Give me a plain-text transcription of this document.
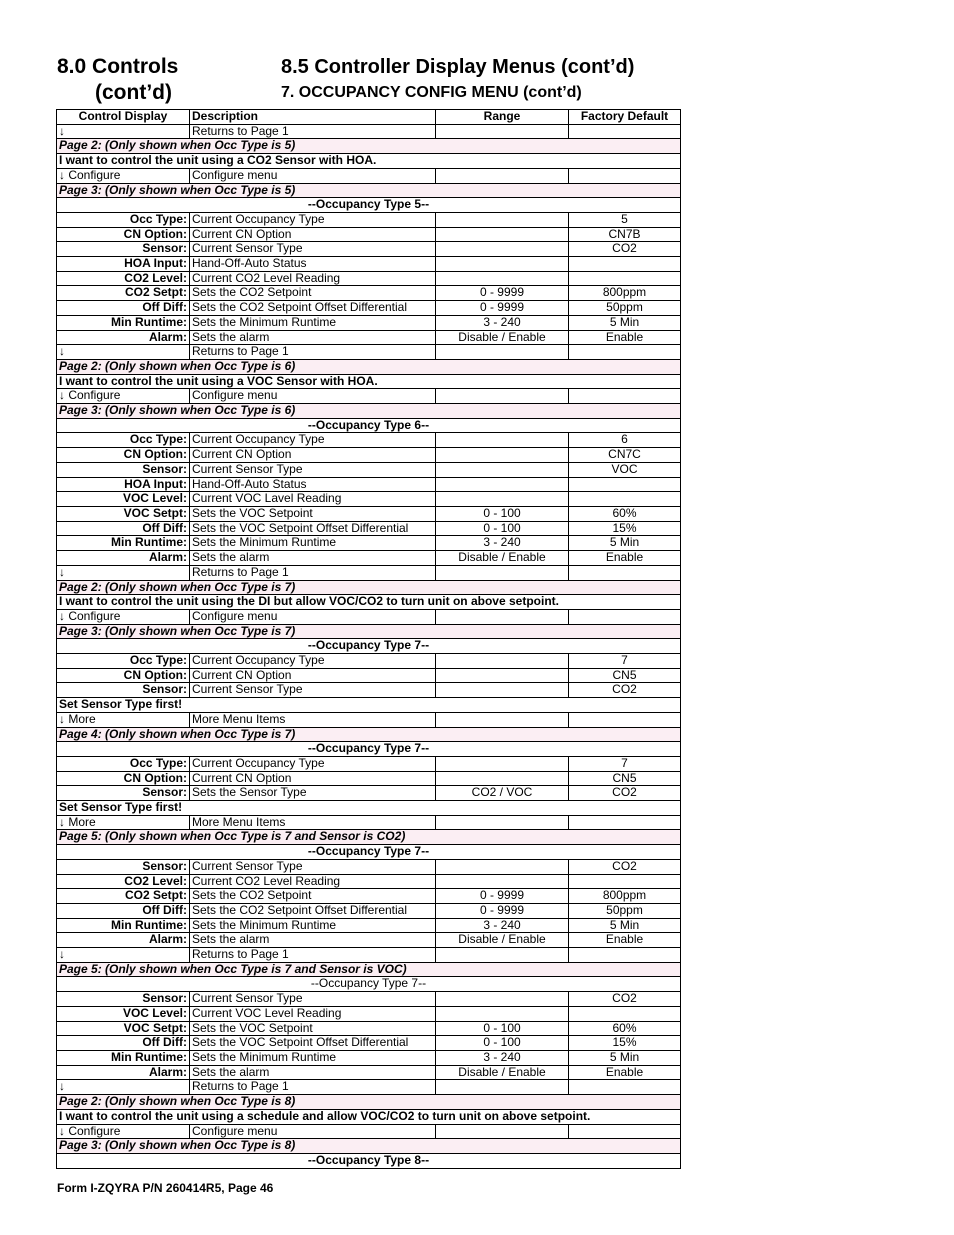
8.0 Controls
(cont’d)
8.5 Controller Display Menus (cont’d)
7. OCCUPANCY CONFIG MENU (cont’d)
Control Display	Description	Range	Factory Default
↓	Returns to Page 1		
Page 2: (Only shown when Occ Type is 5)			
I want to control the unit using a CO2 Sensor with HOA.			
↓ Configure	Configure menu		
Page 3: (Only shown when Occ Type is 5)			
--Occupancy Type 5--			
Occ Type:	Current Occupancy Type		5
CN Option:	Current CN Option		CN7B
Sensor:	Current Sensor Type		CO2
HOA Input:	Hand-Off-Auto Status		
CO2 Level:	Current CO2 Level Reading		
CO2 Setpt:	Sets the CO2 Setpoint	0 - 9999	800ppm
Off Diff:	Sets the CO2 Setpoint Offset Differential	0 - 9999	50ppm
Min Runtime:	Sets the Minimum Runtime	3 - 240	5 Min
Alarm:	Sets the alarm	Disable / Enable	Enable
↓	Returns to Page 1		
Page 2: (Only shown when Occ Type is 6)			
I want to control the unit using a VOC Sensor with HOA.			
↓ Configure	Configure menu		
Page 3: (Only shown when Occ Type is 6)			
--Occupancy Type 6--			
Occ Type:	Current Occupancy Type		6
CN Option:	Current CN Option		CN7C
Sensor:	Current Sensor Type		VOC
HOA Input:	Hand-Off-Auto Status		
VOC Level:	Current VOC Lavel Reading		
VOC Setpt:	Sets the VOC Setpoint	0 - 100	60%
Off Diff:	Sets the VOC Setpoint Offset Differential	0 - 100	15%
Min Runtime:	Sets the Minimum Runtime	3 - 240	5 Min
Alarm:	Sets the alarm	Disable / Enable	Enable
↓	Returns to Page 1		
Page 2: (Only shown when Occ Type is 7)			
I want to control the unit using the DI but allow VOC/CO2 to turn unit on above setpoint.			
↓ Configure	Configure menu		
Page 3: (Only shown when Occ Type is 7)			
--Occupancy Type 7--			
Occ Type:	Current Occupancy Type		7
CN Option:	Current CN Option		CN5
Sensor:	Current Sensor Type		CO2
Set Sensor Type first!			
↓ More	More Menu Items		
Page 4: (Only shown when Occ Type is 7)			
--Occupancy Type 7--			
Occ Type:	Current Occupancy Type		7
CN Option:	Current CN Option		CN5
Sensor:	Sets the Sensor Type	CO2 / VOC	CO2
Set Sensor Type first!			
↓ More	More Menu Items		
Page 5: (Only shown when Occ Type is 7 and Sensor is CO2)			
--Occupancy Type 7--			
Sensor:	Current Sensor Type		CO2
CO2 Level:	Current CO2 Level Reading		
CO2 Setpt:	Sets the CO2 Setpoint	0 - 9999	800ppm
Off Diff:	Sets the CO2 Setpoint Offset Differential	0 - 9999	50ppm
Min Runtime:	Sets the Minimum Runtime	3 - 240	5 Min
Alarm:	Sets the alarm	Disable / Enable	Enable
↓	Returns to Page 1		
Page 5: (Only shown when Occ Type is 7 and Sensor is VOC)			
--Occupancy Type 7--			
Sensor:	Current Sensor Type		CO2
VOC Level:	Current VOC Level Reading		
VOC Setpt:	Sets the VOC Setpoint	0 - 100	60%
Off Diff:	Sets the VOC Setpoint Offset Differential	0 - 100	15%
Min Runtime:	Sets the Minimum Runtime	3 - 240	5 Min
Alarm:	Sets the alarm	Disable / Enable	Enable
↓	Returns to Page 1		
Page 2: (Only shown when Occ Type is 8)			
I want to control the unit using a schedule and allow VOC/CO2 to turn unit on above setpoint.			
↓ Configure	Configure menu		
Page 3: (Only shown when Occ Type is 8)			
--Occupancy Type 8--			
Form I-ZQYRA P/N 260414R5, Page 46
